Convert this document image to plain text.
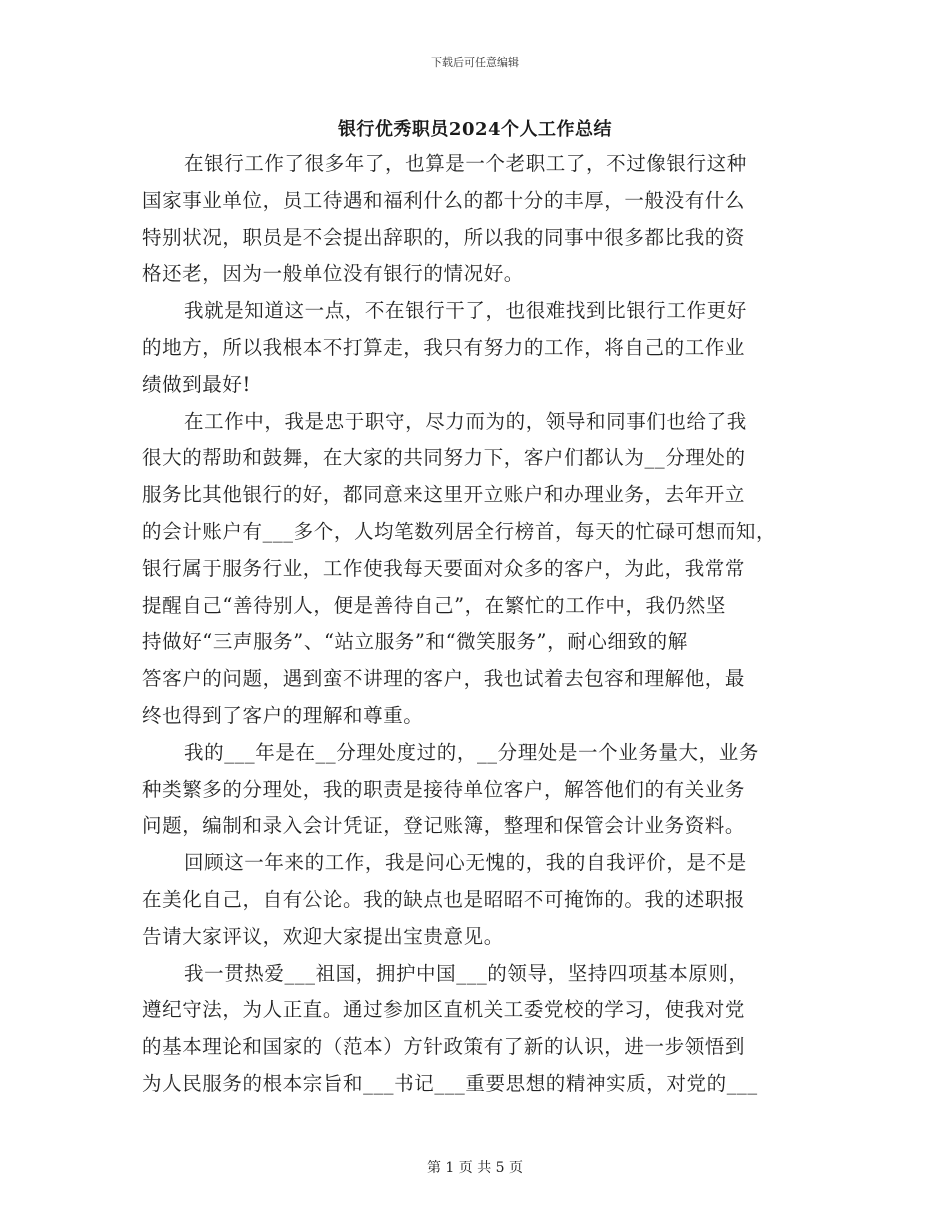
下载后可任意编辑
银行优秀职员2024个人工作总结
在银行工作了很多年了，也算是一个老职工了，不过像银行这种
国家事业单位，员工待遇和福利什么的都十分的丰厚，一般没有什么
特别状况，职员是不会提出辞职的，所以我的同事中很多都比我的资
格还老，因为一般单位没有银行的情况好。
我就是知道这一点，不在银行干了，也很难找到比银行工作更好
的地方，所以我根本不打算走，我只有努力的工作，将自己的工作业
绩做到最好!
在工作中，我是忠于职守，尽力而为的，领导和同事们也给了我
很大的帮助和鼓舞，在大家的共同努力下，客户们都认为__分理处的
服务比其他银行的好，都同意来这里开立账户和办理业务，去年开立
的会计账户有___多个，人均笔数列居全行榜首，每天的忙碌可想而知，
银行属于服务行业，工作使我每天要面对众多的客户，为此，我常常
提醒自己“善待别人，便是善待自己”，在繁忙的工作中，我仍然坚
持做好“三声服务”、“站立服务”和“微笑服务”，耐心细致的解
答客户的问题，遇到蛮不讲理的客户，我也试着去包容和理解他，最
终也得到了客户的理解和尊重。
我的___年是在__分理处度过的，__分理处是一个业务量大，业务
种类繁多的分理处，我的职责是接待单位客户，解答他们的有关业务
问题，编制和录入会计凭证，登记账簿，整理和保管会计业务资料。
回顾这一年来的工作，我是问心无愧的，我的自我评价，是不是
在美化自己，自有公论。我的缺点也是昭昭不可掩饰的。我的述职报
告请大家评议，欢迎大家提出宝贵意见。
我一贯热爱___祖国，拥护中国___的领导，坚持四项基本原则，
遵纪守法，为人正直。通过参加区直机关工委党校的学习，使我对党
的基本理论和国家的（范本）方针政策有了新的认识，进一步领悟到
为人民服务的根本宗旨和___书记___重要思想的精神实质，对党的___
第 1 页 共 5 页
